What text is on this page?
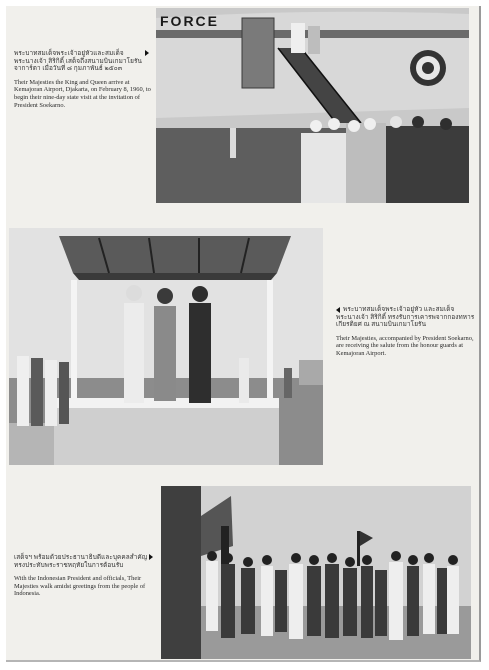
FORCE

พระบาทสมเด็จพระเจ้าอยู่หัวและสมเด็จพระนางเจ้า สิริกิติ์ เสด็จถึงสนามบินเกมาโยรัน จาการ์ตา เมื่อวันที่ ๘ กุมภาพันธ์ ๒๕๐๓

Their Majesties the King and Queen arrive at Kemajoran Airport, Djakarta, on February 8, 1960, to begin their nine-day state visit at the invitation of President Soekarno.

พระบาทสมเด็จพระเจ้าอยู่หัว และสมเด็จพระนางเจ้า สิริกิติ์ ทรงรับการเคารพจากกองทหารเกียรติยศ ณ สนามบินเกมาโยรัน

Their Majesties, accompanied by President Soekarno, are receiving the salute from the honour guards at Kemajoran Airport.

เสด็จฯ พร้อมด้วยประธานาธิบดีและบุคคลสำคัญ ทรงประทับพระราชหฤทัยในการต้อนรับ

With the Indonesian President and officials, Their Majesties walk amidst greetings from the people of Indonesia.
